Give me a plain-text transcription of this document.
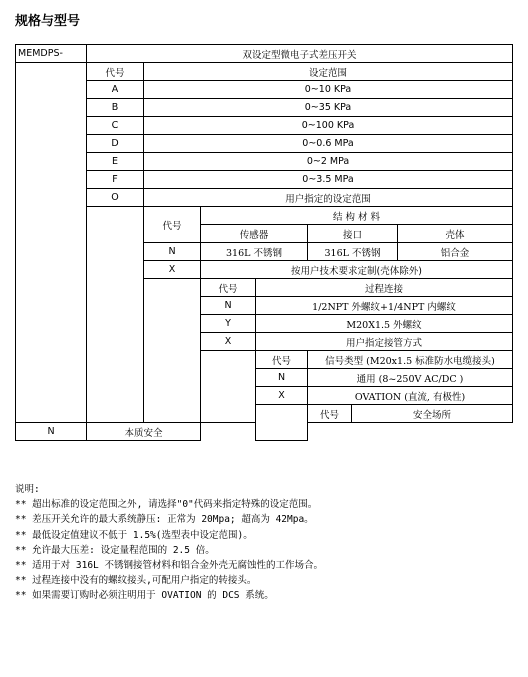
规格与型号
MEMDPS-	双设定型微电子式差压开关						
	代号	设定范围					
	A	0~10 KPa					
	B	0~35 KPa					
	C	0~100 KPa					
	D	0~0.6 MPa					
	E	0~2 MPa					
	F	0~3.5 MPa					
	O	用户指定的设定范围					
		代号	结 构 材 料				
			传感器		接口		壳体
		N	316L 不锈钢		316L 不锈钢		铝合金
		X	按用户技术要求定制(壳体除外)				
			代号	过程连接			
			N	1/2NPT 外螺纹+1/4NPT 内螺纹			
			Y	M20X1.5 外螺纹			
			X	用户指定接管方式			
				代号	信号类型 (M20x1.5 标准防水电缆接头)		
				N	通用 (8~250V AC/DC )		
				X	OVATION (直流, 有极性)		
					代号	安全场所	
N	本质安全						
说明:
** 超出标准的设定范围之外, 请选择"0"代码来指定特殊的设定范围。
** 差压开关允许的最大系统静压: 正常为 20Mpa; 超高为 42Mpa。
** 最低设定值建议不低于 1.5%(选型表中设定范围)。
** 允许最大压差: 设定量程范围的 2.5 倍。
** 适用于对 316L 不锈钢接管材料和铝合金外壳无腐蚀性的工作场合。
** 过程连接中没有的螺纹接头,可配用户指定的转接头。
** 如果需要订购时必须注明用于 OVATION 的 DCS 系统。
